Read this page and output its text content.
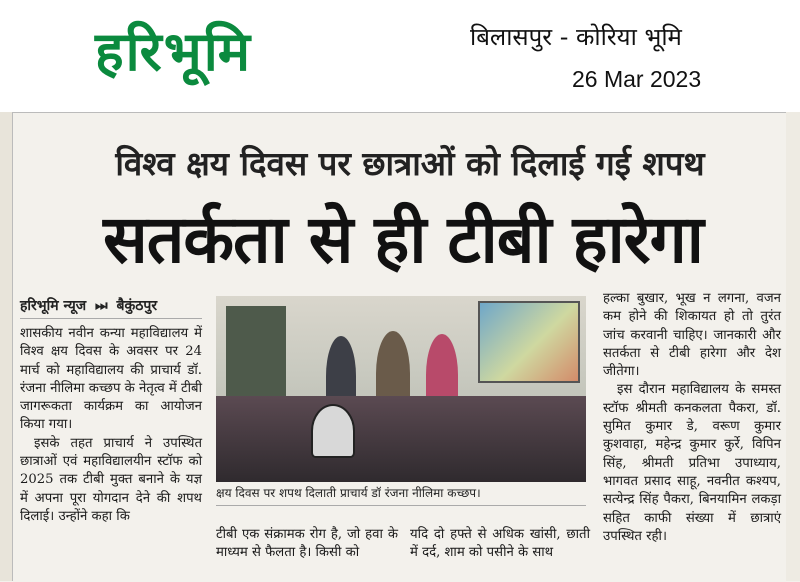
हरिभूमि	बिलासपुर - कोरिया भूमि
26 Mar 2023
विश्व क्षय दिवस पर छात्राओं को दिलाई गई शपथ
सतर्कता से ही टीबी हारेगा
हरिभूमि न्यूज ⏭ बैकुंठपुर

शासकीय नवीन कन्या महाविद्यालय में विश्व क्षय दिवस के अवसर पर 24 मार्च को महाविद्यालय की प्राचार्य डॉ. रंजना नीलिमा कच्छप के नेतृत्व में टीबी जागरूकता कार्यक्रम का आयोजन किया गया।

इसके तहत प्राचार्य ने उपस्थित छात्राओं एवं महाविद्यालयीन स्टॉफ को 2025 तक टीबी मुक्त बनाने के यज्ञ में अपना पूरा योगदान देने की शपथ दिलाई। उन्होंने कहा कि

क्षय दिवस पर शपथ दिलाती प्राचार्य डॉ रंजना नीलिमा कच्छप।
टीबी एक संक्रामक रोग है, जो हवा के माध्यम से फैलता है। किसी को
यदि दो हफ्ते से अधिक खांसी, छाती में दर्द, शाम को पसीने के साथ

हल्का बुखार, भूख न लगना, वजन कम होने की शिकायत हो तो तुरंत जांच करवानी चाहिए। जानकारी और सतर्कता से टीबी हारेगा और देश जीतेगा।

इस दौरान महाविद्यालय के समस्त स्टॉफ श्रीमती कनकलता पैकरा, डॉ. सुमित कुमार डे, वरूण कुमार कुशवाहा, महेन्द्र कुमार कुर्रे, विपिन सिंह, श्रीमती प्रतिभा उपाध्याय, भागवत प्रसाद साहू, नवनीत कश्यप, सत्येन्द्र सिंह पैकरा, बिनयामिन लकड़ा सहित काफी संख्या में छात्राएं उपस्थित रही।
